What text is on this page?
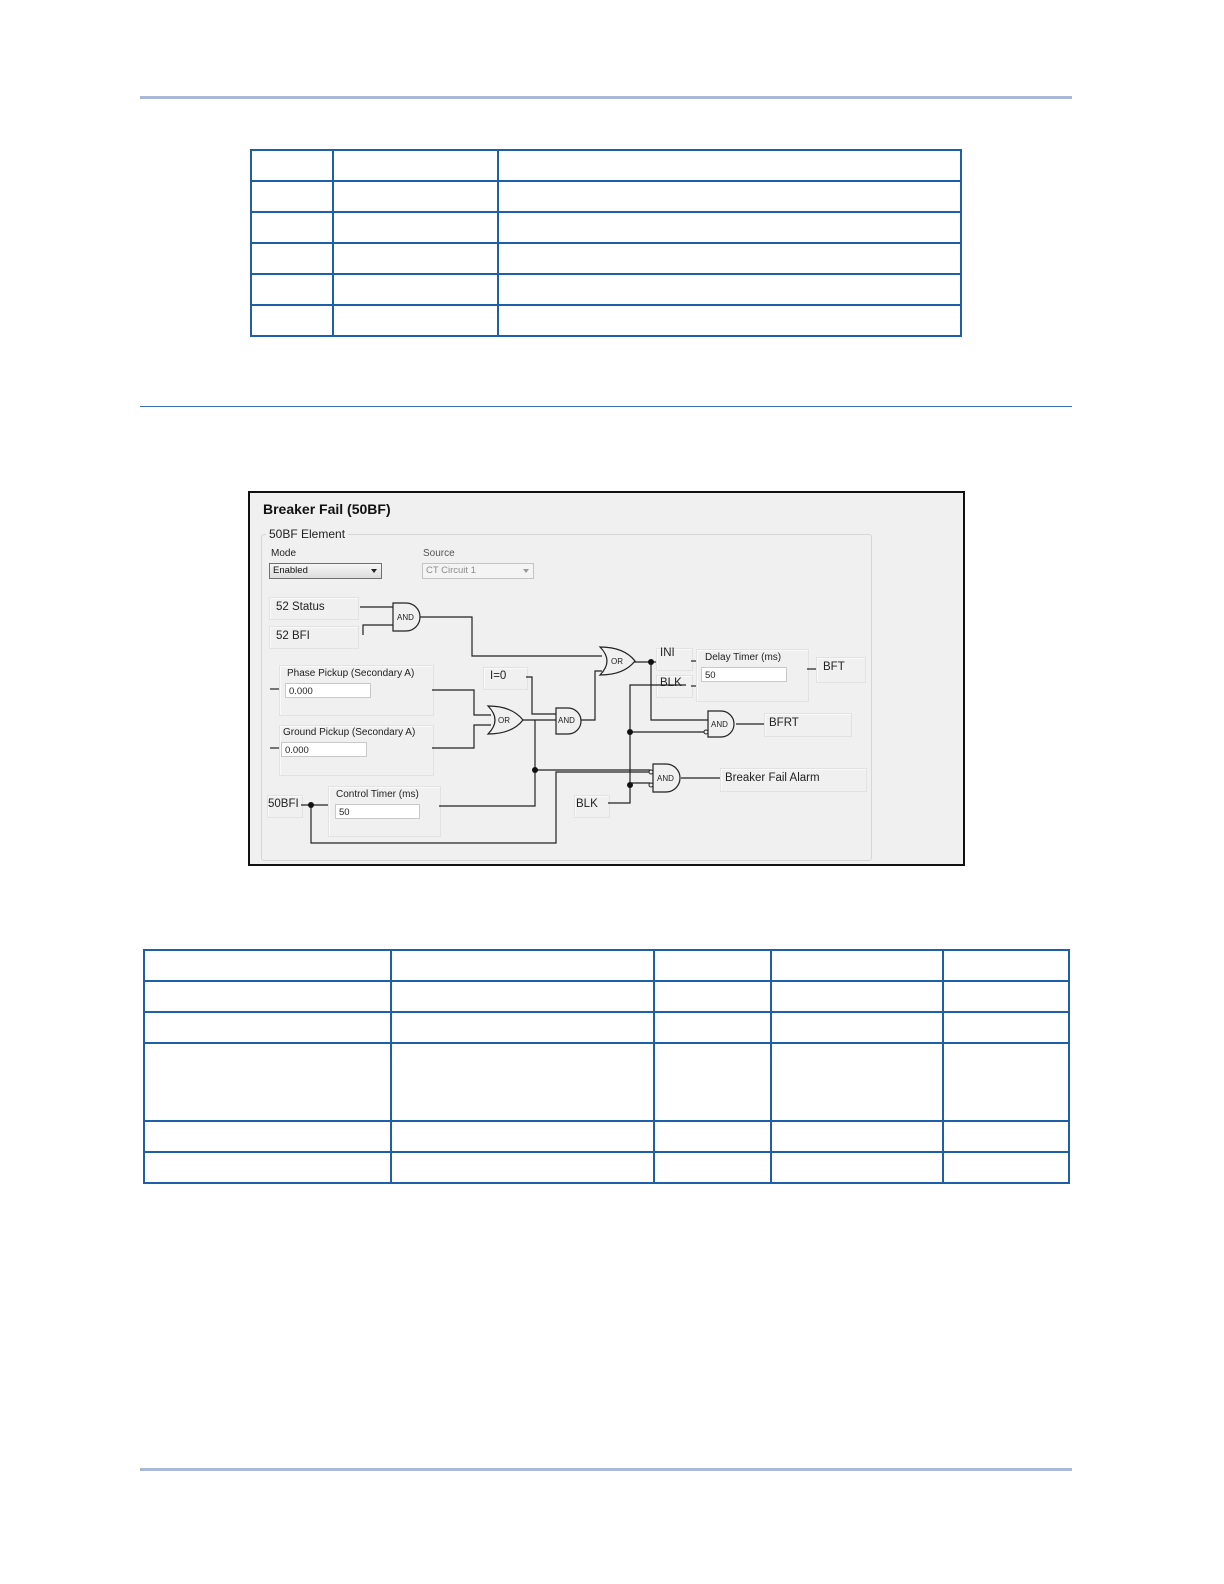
Breaker Fail (50BF)
50BF Element
Mode
Enabled
Source
CT Circuit 1
52 Status
52 BFI
Phase Pickup (Secondary A)
0.000
Ground Pickup (Secondary A)
0.000
I=0
50BFI
Control Timer (ms)
50
BLK
INI
BLK
Delay Timer (ms)
50
BFT
BFRT
Breaker Fail Alarm
AND
OR	AND
OR
AND
AND
